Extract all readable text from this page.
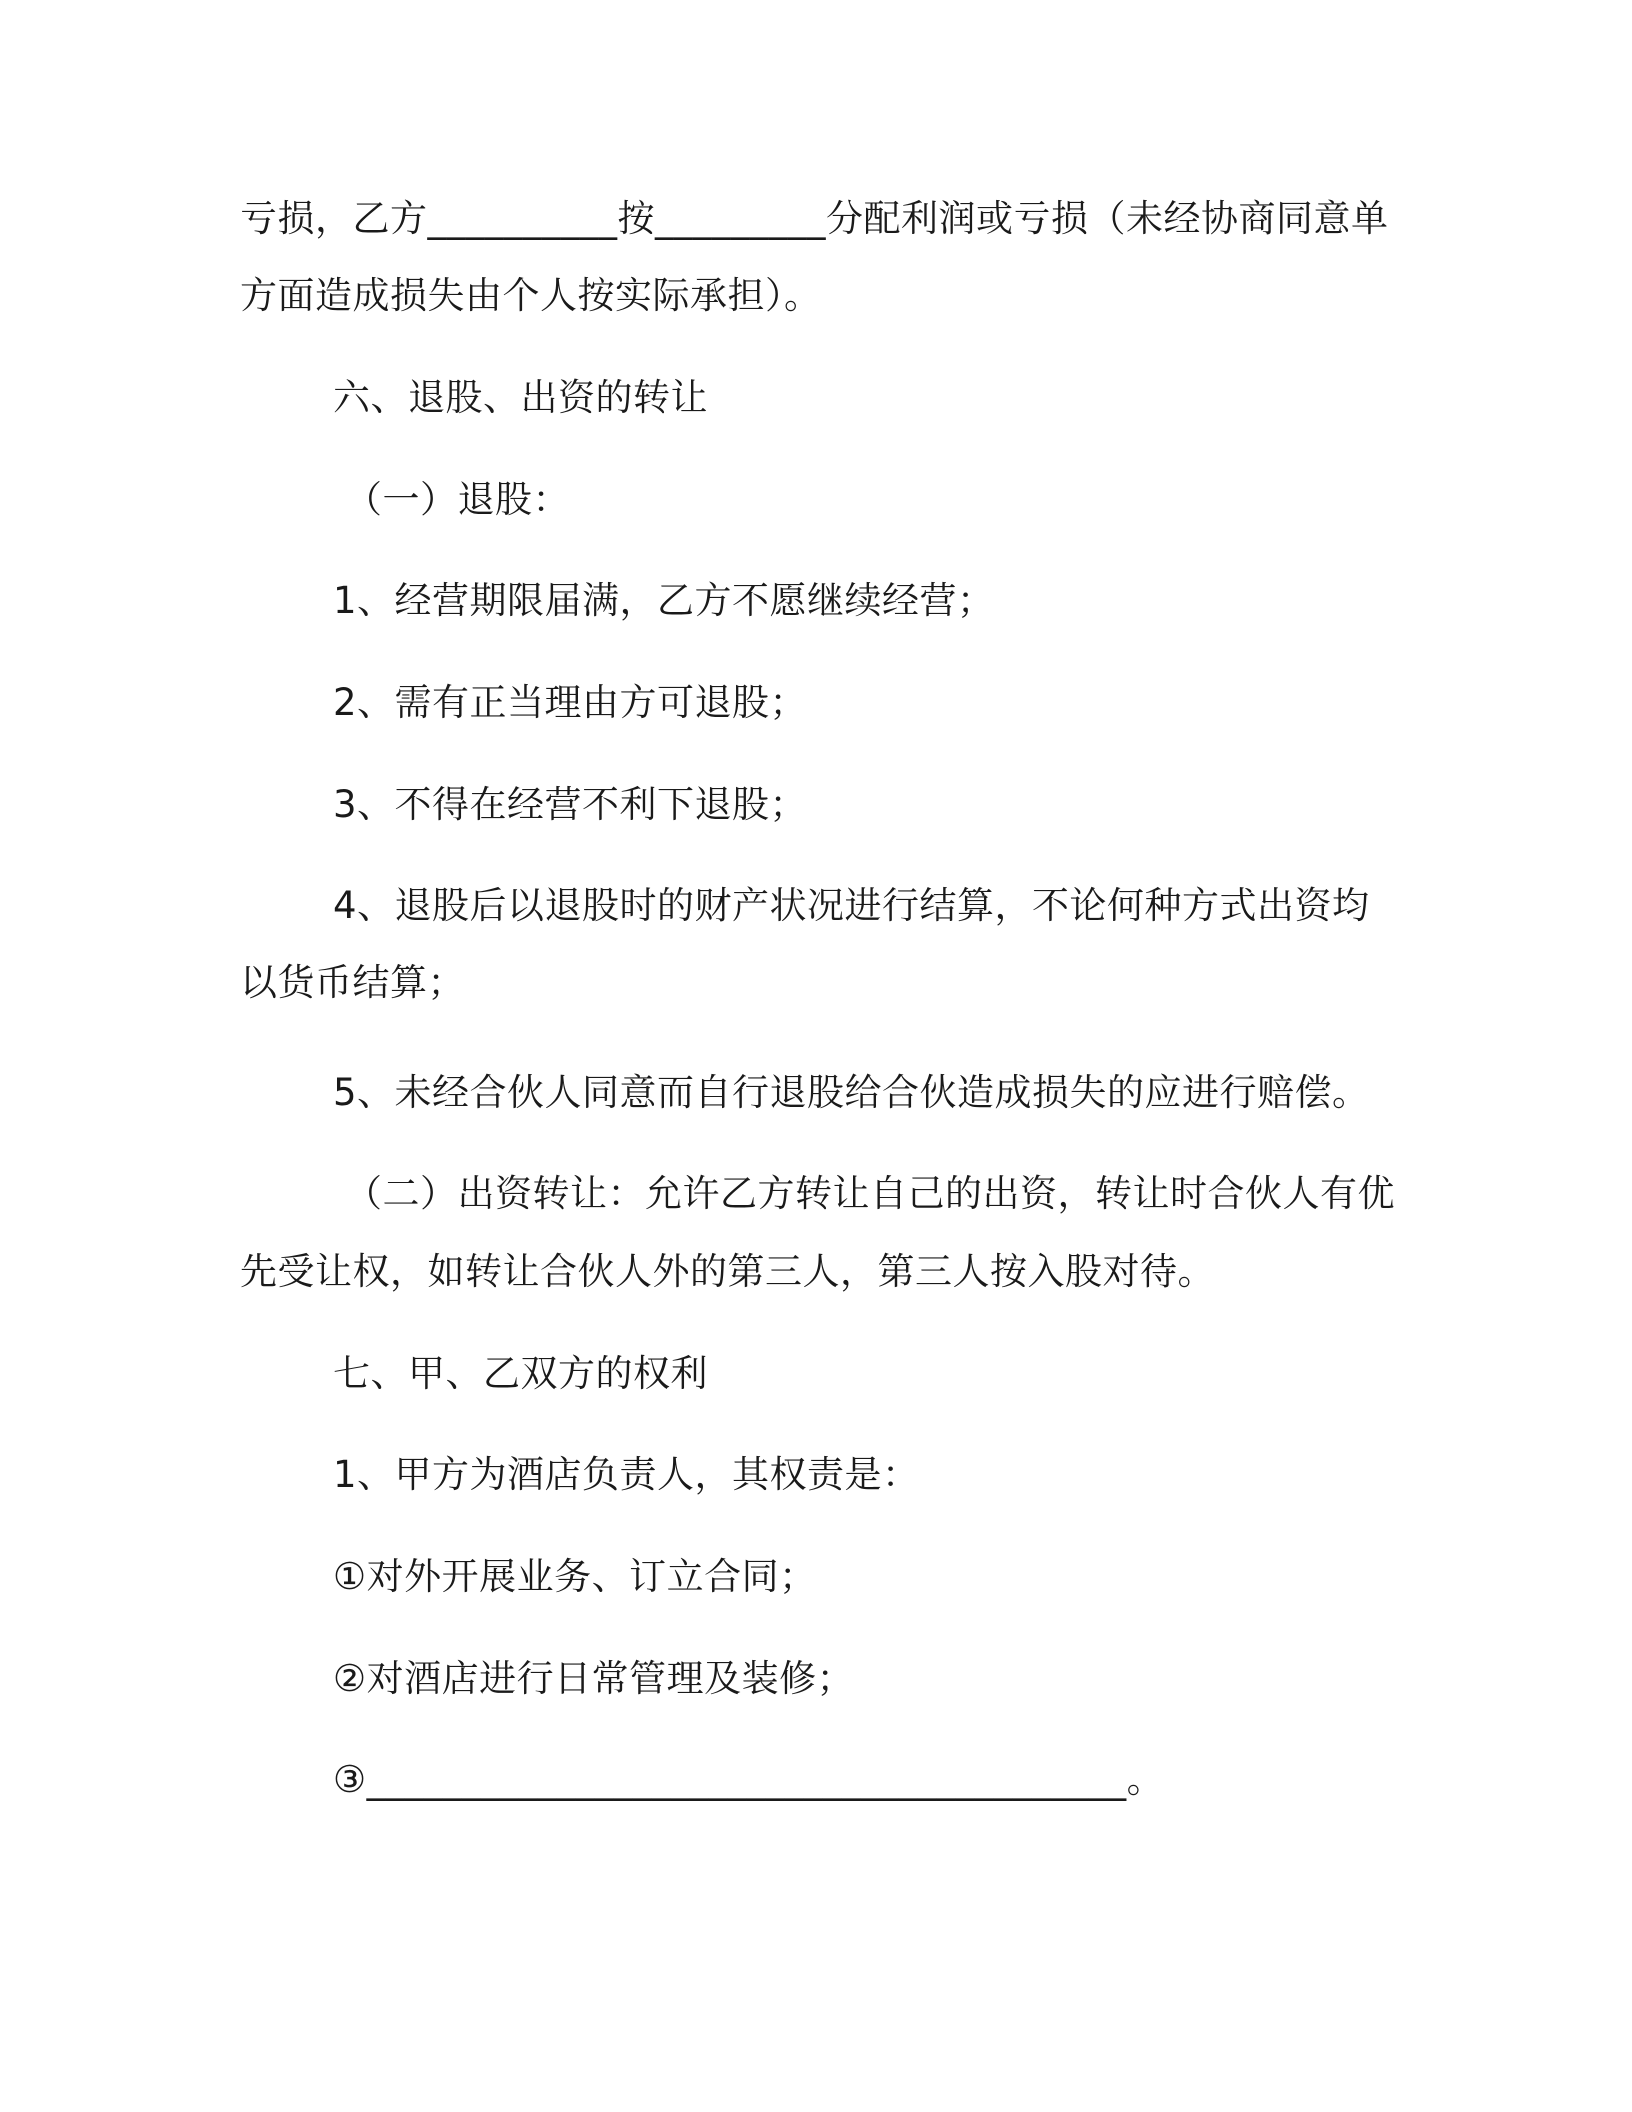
亏损，乙方__________按_________分配利润或亏损（未经协商同意单
方面造成损失由个人按实际承担）。
六、退股、出资的转让
（一）退股：
1、经营期限届满，乙方不愿继续经营；
2、需有正当理由方可退股；
3、不得在经营不利下退股；
4、退股后以退股时的财产状况进行结算，不论何种方式出资均
以货币结算；
5、未经合伙人同意而自行退股给合伙造成损失的应进行赔偿。
（二）出资转让：允许乙方转让自己的出资，转让时合伙人有优
先受让权，如转让合伙人外的第三人，第三人按入股对待。
七、甲、乙双方的权利
1、甲方为酒店负责人，其权责是：
①对外开展业务、订立合同；
②对酒店进行日常管理及装修；
③________________________________________。
